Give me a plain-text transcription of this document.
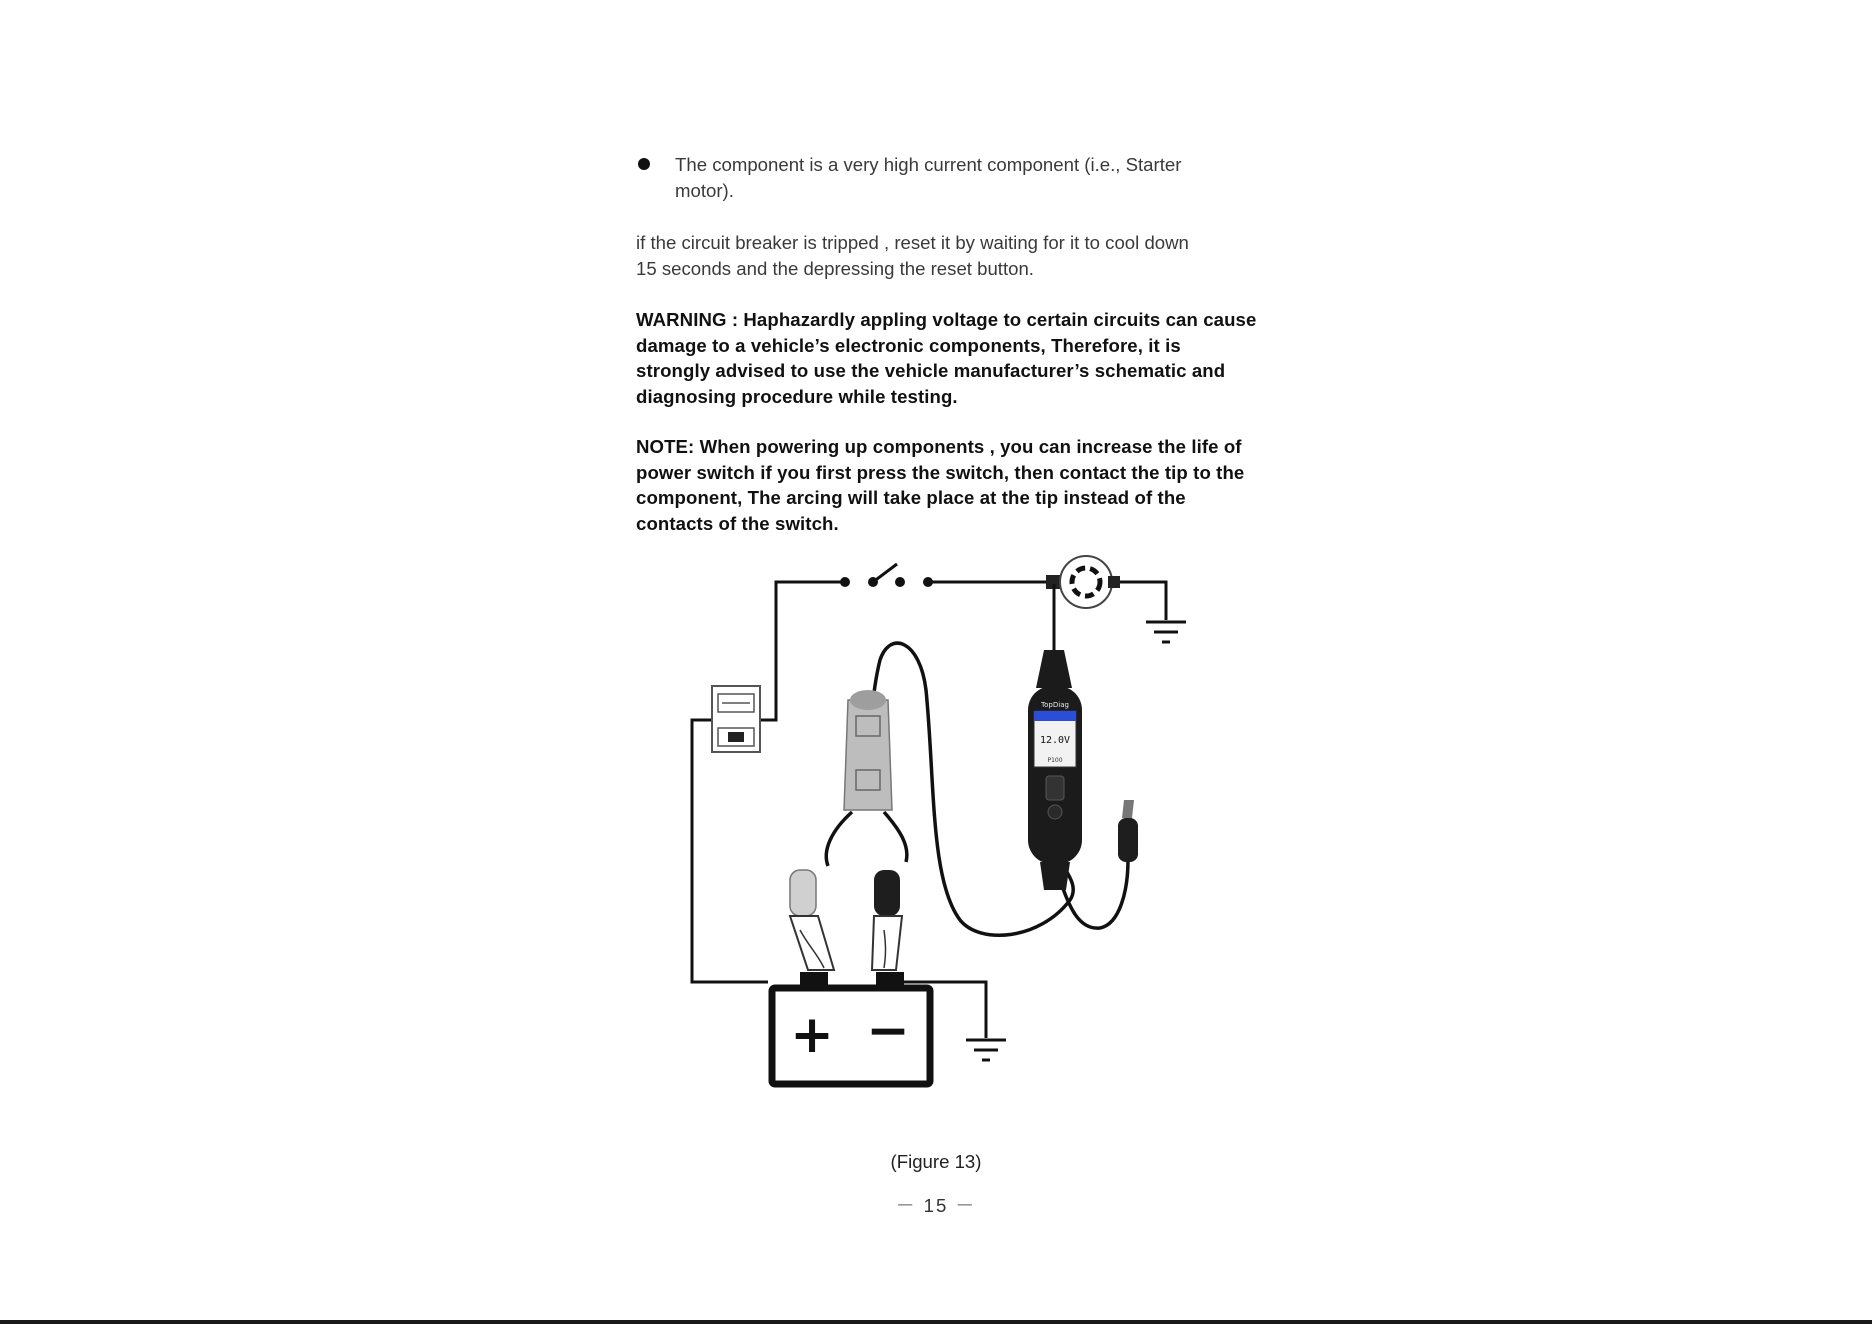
The component is a very high current component (i.e., Starter
motor).
if the circuit breaker is tripped , reset it by waiting for it to cool down
15 seconds and the depressing the reset button.
WARNING : Haphazardly appling voltage to certain circuits can cause
damage to a vehicle’s electronic components, Therefore, it is
strongly advised to use the vehicle manufacturer’s schematic and
diagnosing procedure while testing.
NOTE: When powering up components , you can increase the life of
power switch if you first press the switch, then contact the tip to the
component, The arcing will take place at the tip instead of the
contacts of the switch.
+ −
TopDiag
12.0V
P100
(Figure 13)
－ 15 －
